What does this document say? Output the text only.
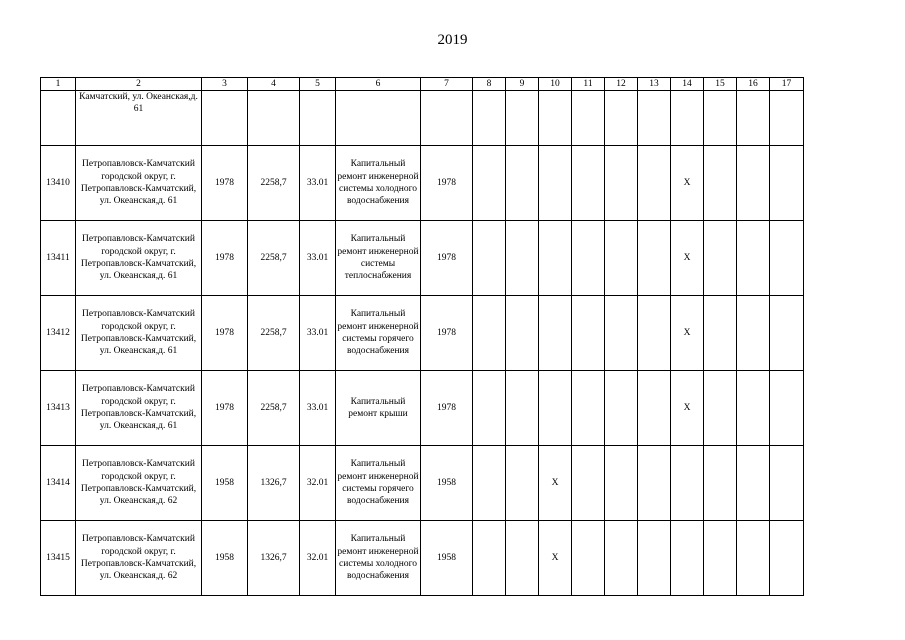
2019
1	2	3	4	5	6	7	8	9	10	11	12	13	14	15	16	17
	Камчатский, ул. Океанская,д. 61															
13410	Петропавловск-Камчатский городской округ, г. Петропавловск-Камчатский, ул. Океанская,д. 61	1978	2258,7	33.01	Капитальный ремонт инженерной системы холодного водоснабжения	1978							X			
13411	Петропавловск-Камчатский городской округ, г. Петропавловск-Камчатский, ул. Океанская,д. 61	1978	2258,7	33.01	Капитальный ремонт инженерной системы теплоснабжения	1978							X			
13412	Петропавловск-Камчатский городской округ, г. Петропавловск-Камчатский, ул. Океанская,д. 61	1978	2258,7	33.01	Капитальный ремонт инженерной системы горячего водоснабжения	1978							X			
13413	Петропавловск-Камчатский городской округ, г. Петропавловск-Камчатский, ул. Океанская,д. 61	1978	2258,7	33.01	Капитальный ремонт крыши	1978							X			
13414	Петропавловск-Камчатский городской округ, г. Петропавловск-Камчатский, ул. Океанская,д. 62	1958	1326,7	32.01	Капитальный ремонт инженерной системы горячего водоснабжения	1958			X							
13415	Петропавловск-Камчатский городской округ, г. Петропавловск-Камчатский, ул. Океанская,д. 62	1958	1326,7	32.01	Капитальный ремонт инженерной системы холодного водоснабжения	1958			X							
